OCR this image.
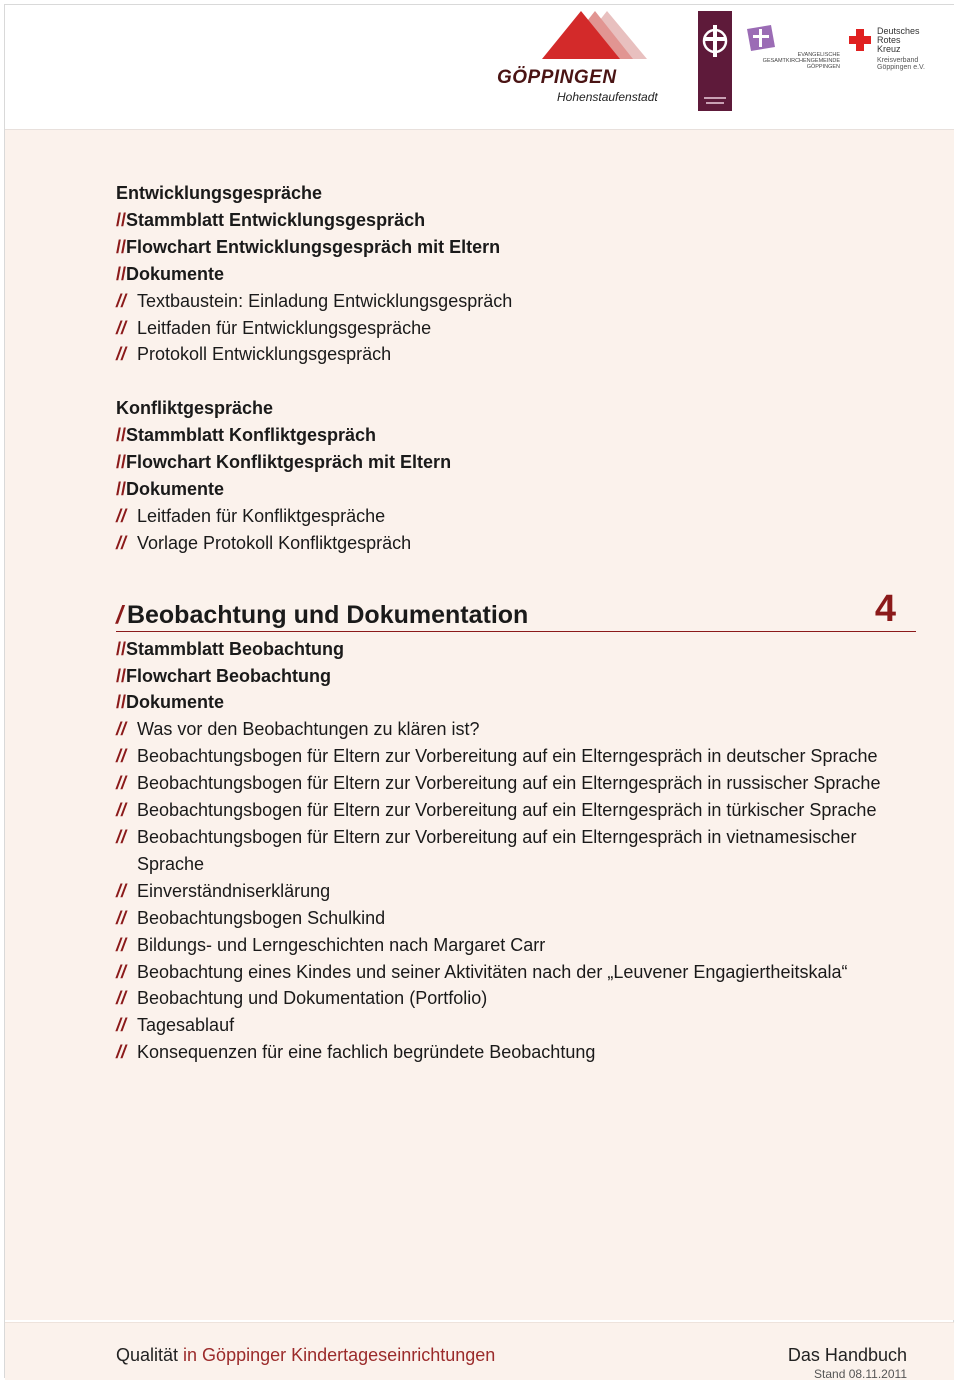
GÖPPINGEN
Hohenstaufenstadt
EVANGELISCHE GESAMTKIRCHENGEMEINDE GÖPPINGEN
Deutsches
Rotes
Kreuz
Kreisverband
Göppingen e.V.
Entwicklungsgespräche
//Stammblatt Entwicklungsgespräch
//Flowchart Entwicklungsgespräch mit Eltern
//Dokumente
// Textbaustein: Einladung Entwicklungsgespräch
// Leitfaden für Entwicklungsgespräche
// Protokoll Entwicklungsgespräch
Konfliktgespräche
//Stammblatt Konfliktgespräch
//Flowchart Konfliktgespräch mit Eltern
//Dokumente
// Leitfaden für Konfliktgespräche
// Vorlage Protokoll Konfliktgespräch
/ Beobachtung und Dokumentation	4
//Stammblatt Beobachtung
//Flowchart Beobachtung
//Dokumente
// Was vor den Beobachtungen zu klären ist?
// Beobachtungsbogen für Eltern zur Vorbereitung auf ein Elterngespräch in deutscher Sprache
// Beobachtungsbogen für Eltern zur Vorbereitung auf ein Elterngespräch in russischer Sprache
// Beobachtungsbogen für Eltern zur Vorbereitung auf ein Elterngespräch in türkischer Sprache
// Beobachtungsbogen für Eltern zur Vorbereitung auf ein Elterngespräch in vietnamesischer Sprache
// Einverständniserklärung
// Beobachtungsbogen Schulkind
// Bildungs- und Lerngeschichten nach Margaret Carr
// Beobachtung eines Kindes und seiner Aktivitäten nach der „Leuvener Engagiertheitskala“
// Beobachtung und Dokumentation (Portfolio)
// Tagesablauf
// Konsequenzen für eine fachlich begründete Beobachtung
Qualität in Göppinger Kindertageseinrichtungen	Das Handbuch
Stand 08.11.2011
